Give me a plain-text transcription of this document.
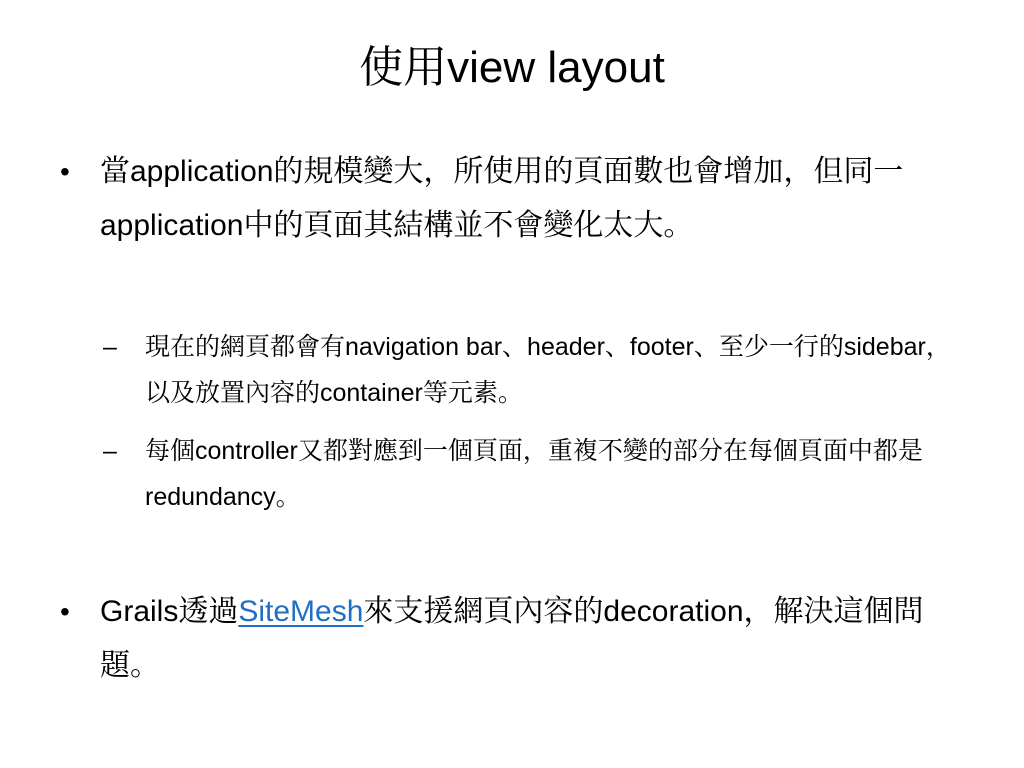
使用view layout
• 當application的規模變大，所使用的頁面數也會增加，但同一application中的頁面其結構並不會變化太大。
– 現在的網頁都會有navigation bar、header、footer、至少一行的sidebar，以及放置內容的container等元素。
– 每個controller又都對應到一個頁面，重複不變的部分在每個頁面中都是redundancy。
• Grails透過SiteMesh來支援網頁內容的decoration，解決這個問題。
